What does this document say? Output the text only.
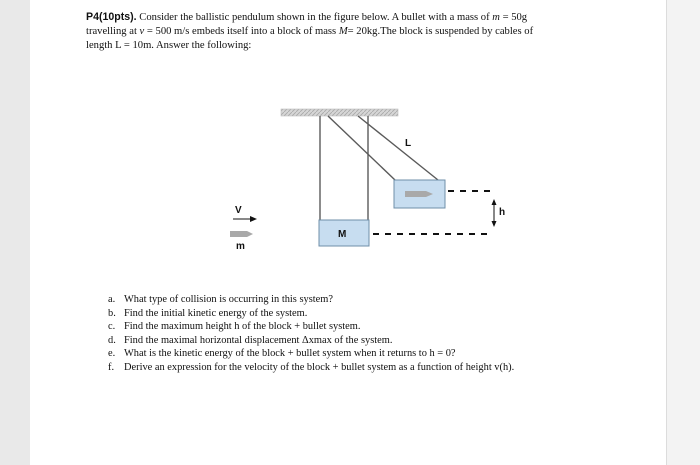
P4(10pts). Consider the ballistic pendulum shown in the figure below. A bullet with a mass of m = 50g travelling at v = 500 m/s embeds itself into a block of mass M= 20kg.The block is suspended by cables of length L = 10m. Answer the following:
L
V
m
M
h
a. What type of collision is occurring in this system?
b. Find the initial kinetic energy of the system.
c. Find the maximum height h of the block + bullet system.
d. Find the maximal horizontal displacement Δxmax of the system.
e. What is the kinetic energy of the block + bullet system when it returns to h = 0?
f. Derive an expression for the velocity of the block + bullet system as a function of height v(h).
